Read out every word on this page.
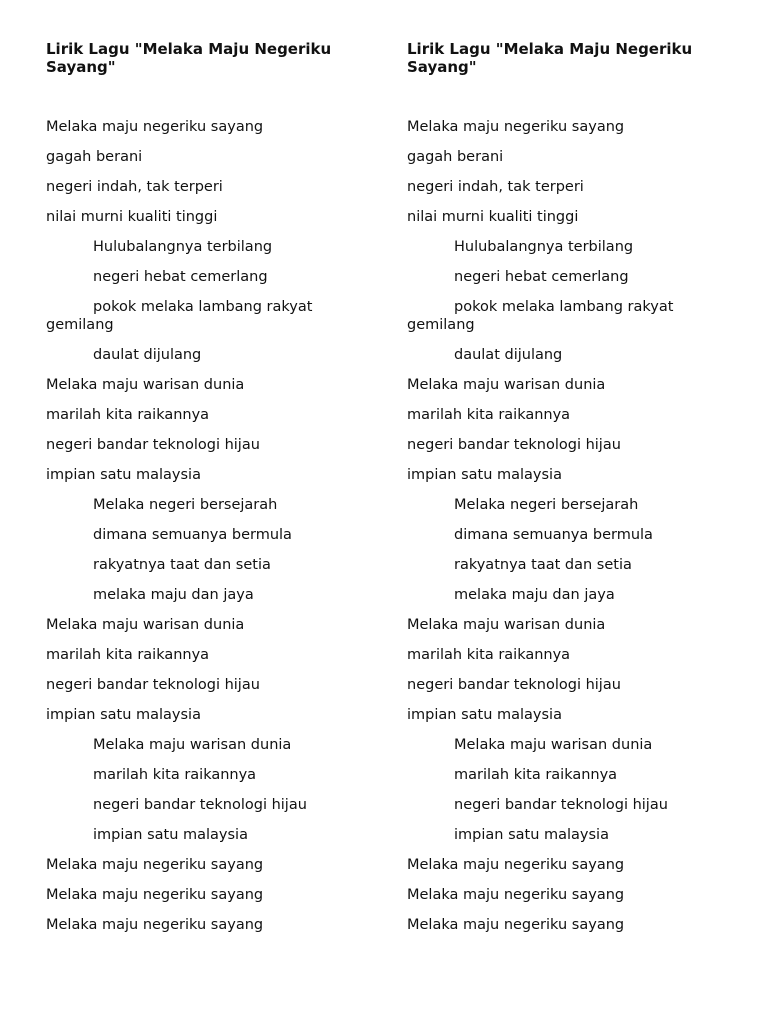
Lirik Lagu "Melaka Maju Negeriku Sayang"

Melaka maju negeriku sayang

gagah berani

negeri indah, tak terperi

nilai murni kualiti tinggi

Hulubalangnya terbilang

negeri hebat cemerlang

pokok melaka lambang rakyat gemilang

daulat dijulang

Melaka maju warisan dunia

marilah kita raikannya

negeri bandar teknologi hijau

impian satu malaysia

Melaka negeri bersejarah

dimana semuanya bermula

rakyatnya taat dan setia

melaka maju dan jaya

Melaka maju warisan dunia

marilah kita raikannya

negeri bandar teknologi hijau

impian satu malaysia

Melaka maju warisan dunia

marilah kita raikannya

negeri bandar teknologi hijau

impian satu malaysia

Melaka maju negeriku sayang

Melaka maju negeriku sayang

Melaka maju negeriku sayang

Lirik Lagu "Melaka Maju Negeriku Sayang"

Melaka maju negeriku sayang

gagah berani

negeri indah, tak terperi

nilai murni kualiti tinggi

Hulubalangnya terbilang

negeri hebat cemerlang

pokok melaka lambang rakyat gemilang

daulat dijulang

Melaka maju warisan dunia

marilah kita raikannya

negeri bandar teknologi hijau

impian satu malaysia

Melaka negeri bersejarah

dimana semuanya bermula

rakyatnya taat dan setia

melaka maju dan jaya

Melaka maju warisan dunia

marilah kita raikannya

negeri bandar teknologi hijau

impian satu malaysia

Melaka maju warisan dunia

marilah kita raikannya

negeri bandar teknologi hijau

impian satu malaysia

Melaka maju negeriku sayang

Melaka maju negeriku sayang

Melaka maju negeriku sayang
